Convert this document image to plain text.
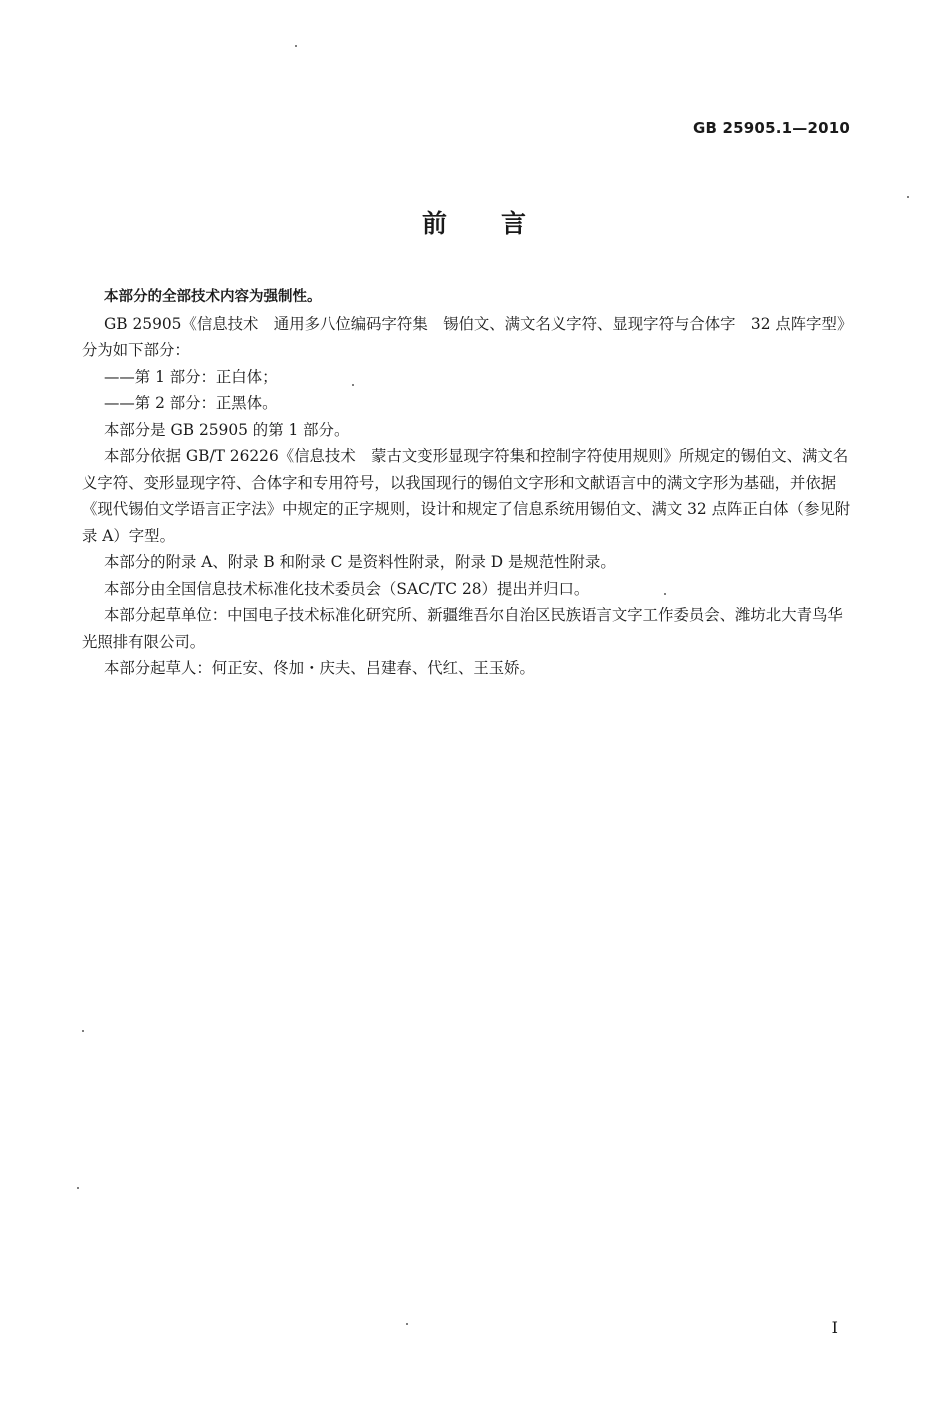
GB 25905.1—2010
前 言

本部分的全部技术内容为强制性。

GB 25905《信息技术　通用多八位编码字符集　锡伯文、满文名义字符、显现字符与合体字　32 点阵字型》分为如下部分：

——第 1 部分：正白体；

——第 2 部分：正黑体。

本部分是 GB 25905 的第 1 部分。

本部分依据 GB/T 26226《信息技术　蒙古文变形显现字符集和控制字符使用规则》所规定的锡伯文、满文名义字符、变形显现字符、合体字和专用符号，以我国现行的锡伯文字形和文献语言中的满文字形为基础，并依据《现代锡伯文学语言正字法》中规定的正字规则，设计和规定了信息系统用锡伯文、满文 32 点阵正白体（参见附录 A）字型。

本部分的附录 A、附录 B 和附录 C 是资料性附录，附录 D 是规范性附录。

本部分由全国信息技术标准化技术委员会（SAC/TC 28）提出并归口。

本部分起草单位：中国电子技术标准化研究所、新疆维吾尔自治区民族语言文字工作委员会、潍坊北大青鸟华光照排有限公司。

本部分起草人：何正安、佟加・庆夫、吕建春、代红、王玉娇。

I
